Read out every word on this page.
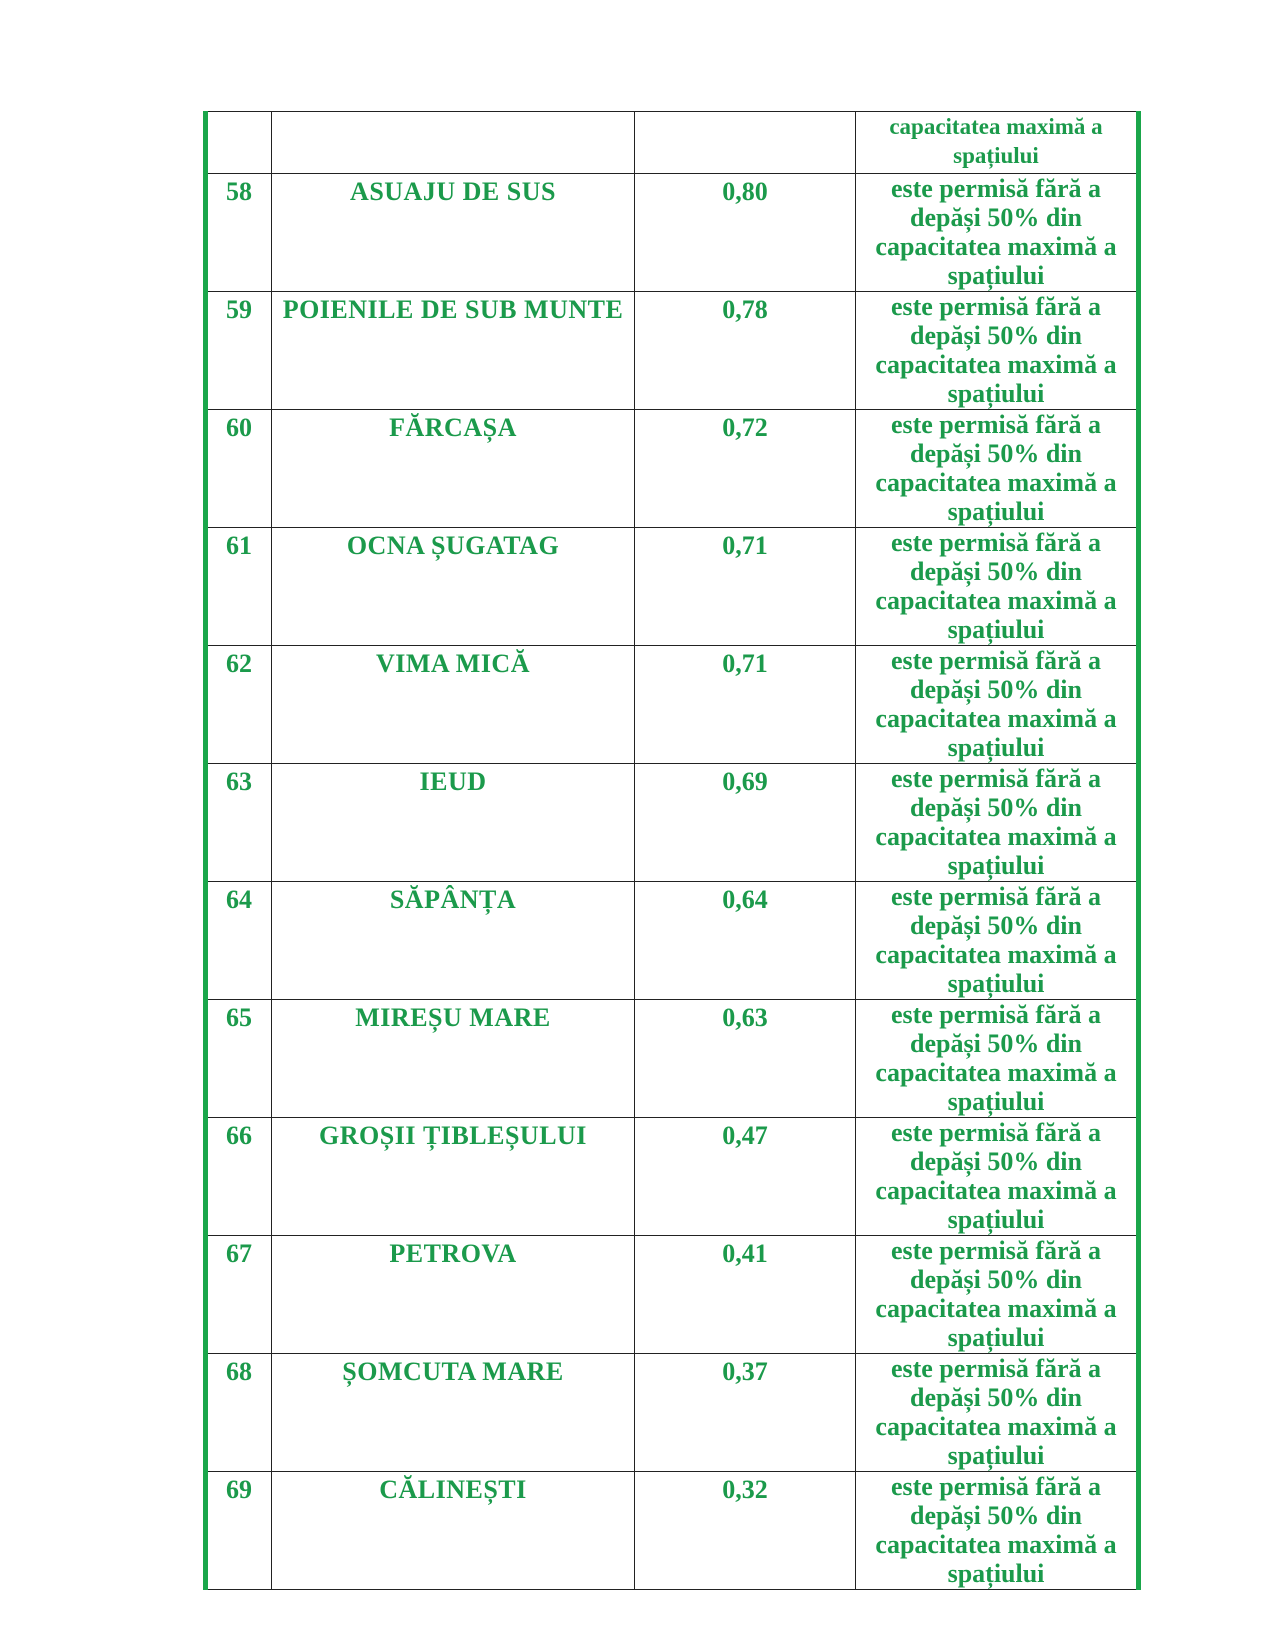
			capacitatea maximă a
spațiului

58	ASUAJU DE SUS	0,80	este permisă fără a
depăși 50% din
capacitatea maximă a
spațiului

59	POIENILE DE SUB MUNTE	0,78	este permisă fără a
depăși 50% din
capacitatea maximă a
spațiului

60	FĂRCAȘA	0,72	este permisă fără a
depăși 50% din
capacitatea maximă a
spațiului

61	OCNA ȘUGATAG	0,71	este permisă fără a
depăși 50% din
capacitatea maximă a
spațiului

62	VIMA MICĂ	0,71	este permisă fără a
depăși 50% din
capacitatea maximă a
spațiului

63	IEUD	0,69	este permisă fără a
depăși 50% din
capacitatea maximă a
spațiului

64	SĂPÂNȚA	0,64	este permisă fără a
depăși 50% din
capacitatea maximă a
spațiului

65	MIREȘU MARE	0,63	este permisă fără a
depăși 50% din
capacitatea maximă a
spațiului

66	GROȘII ȚIBLEȘULUI	0,47	este permisă fără a
depăși 50% din
capacitatea maximă a
spațiului

67	PETROVA	0,41	este permisă fără a
depăși 50% din
capacitatea maximă a
spațiului

68	ȘOMCUTA MARE	0,37	este permisă fără a
depăși 50% din
capacitatea maximă a
spațiului

69	CĂLINEȘTI	0,32	este permisă fără a
depăși 50% din
capacitatea maximă a
spațiului
